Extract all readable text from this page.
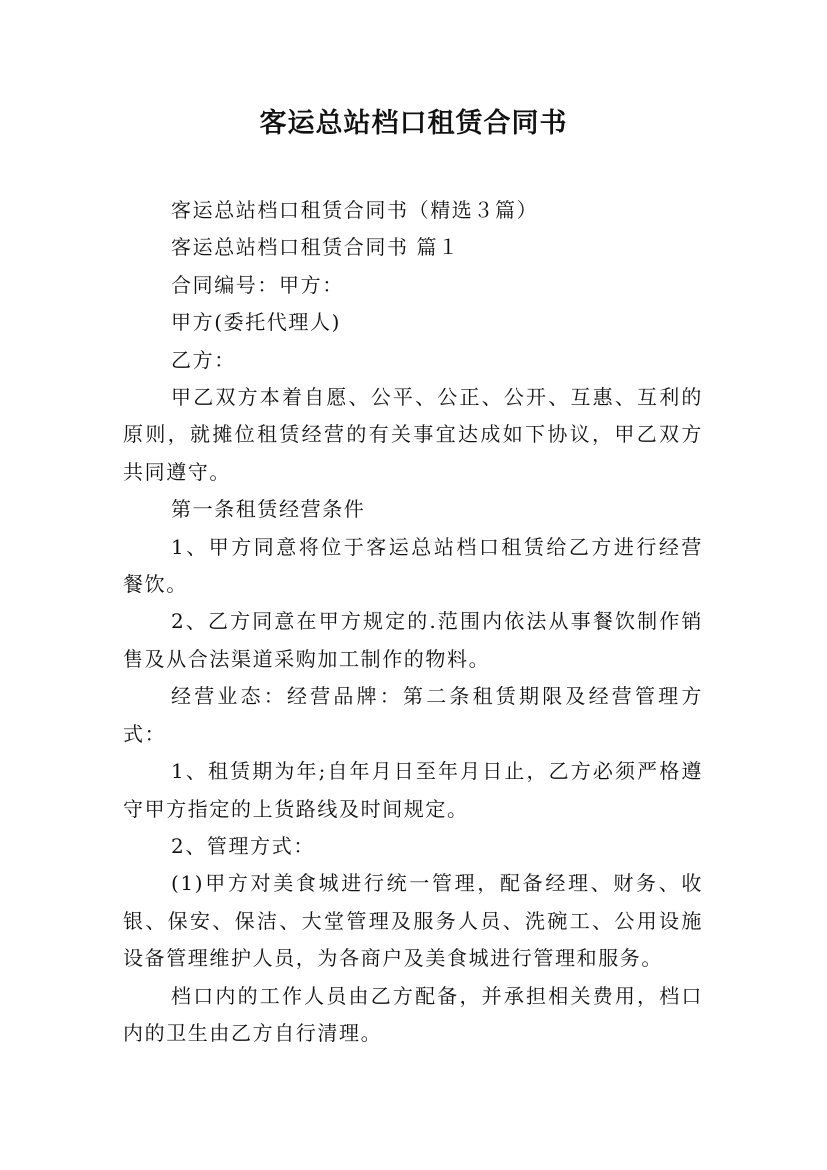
客运总站档口租赁合同书

客运总站档口租赁合同书（精选３篇）

客运总站档口租赁合同书 篇１

合同编号：甲方：

甲方(委托代理人)

乙方：

甲乙双方本着自愿、公平、公正、公开、互惠、互利的原则，就摊位租赁经营的有关事宜达成如下协议，甲乙双方共同遵守。

第一条租赁经营条件

1、甲方同意将位于客运总站档口租赁给乙方进行经营餐饮。

2、乙方同意在甲方规定的.范围内依法从事餐饮制作销售及从合法渠道采购加工制作的物料。

经营业态：经营品牌：第二条租赁期限及经营管理方式：

1、租赁期为年;自年月日至年月日止，乙方必须严格遵守甲方指定的上货路线及时间规定。

2、管理方式：

(1)甲方对美食城进行统一管理，配备经理、财务、收银、保安、保洁、大堂管理及服务人员、洗碗工、公用设施设备管理维护人员，为各商户及美食城进行管理和服务。

档口内的工作人员由乙方配备，并承担相关费用，档口内的卫生由乙方自行清理。
